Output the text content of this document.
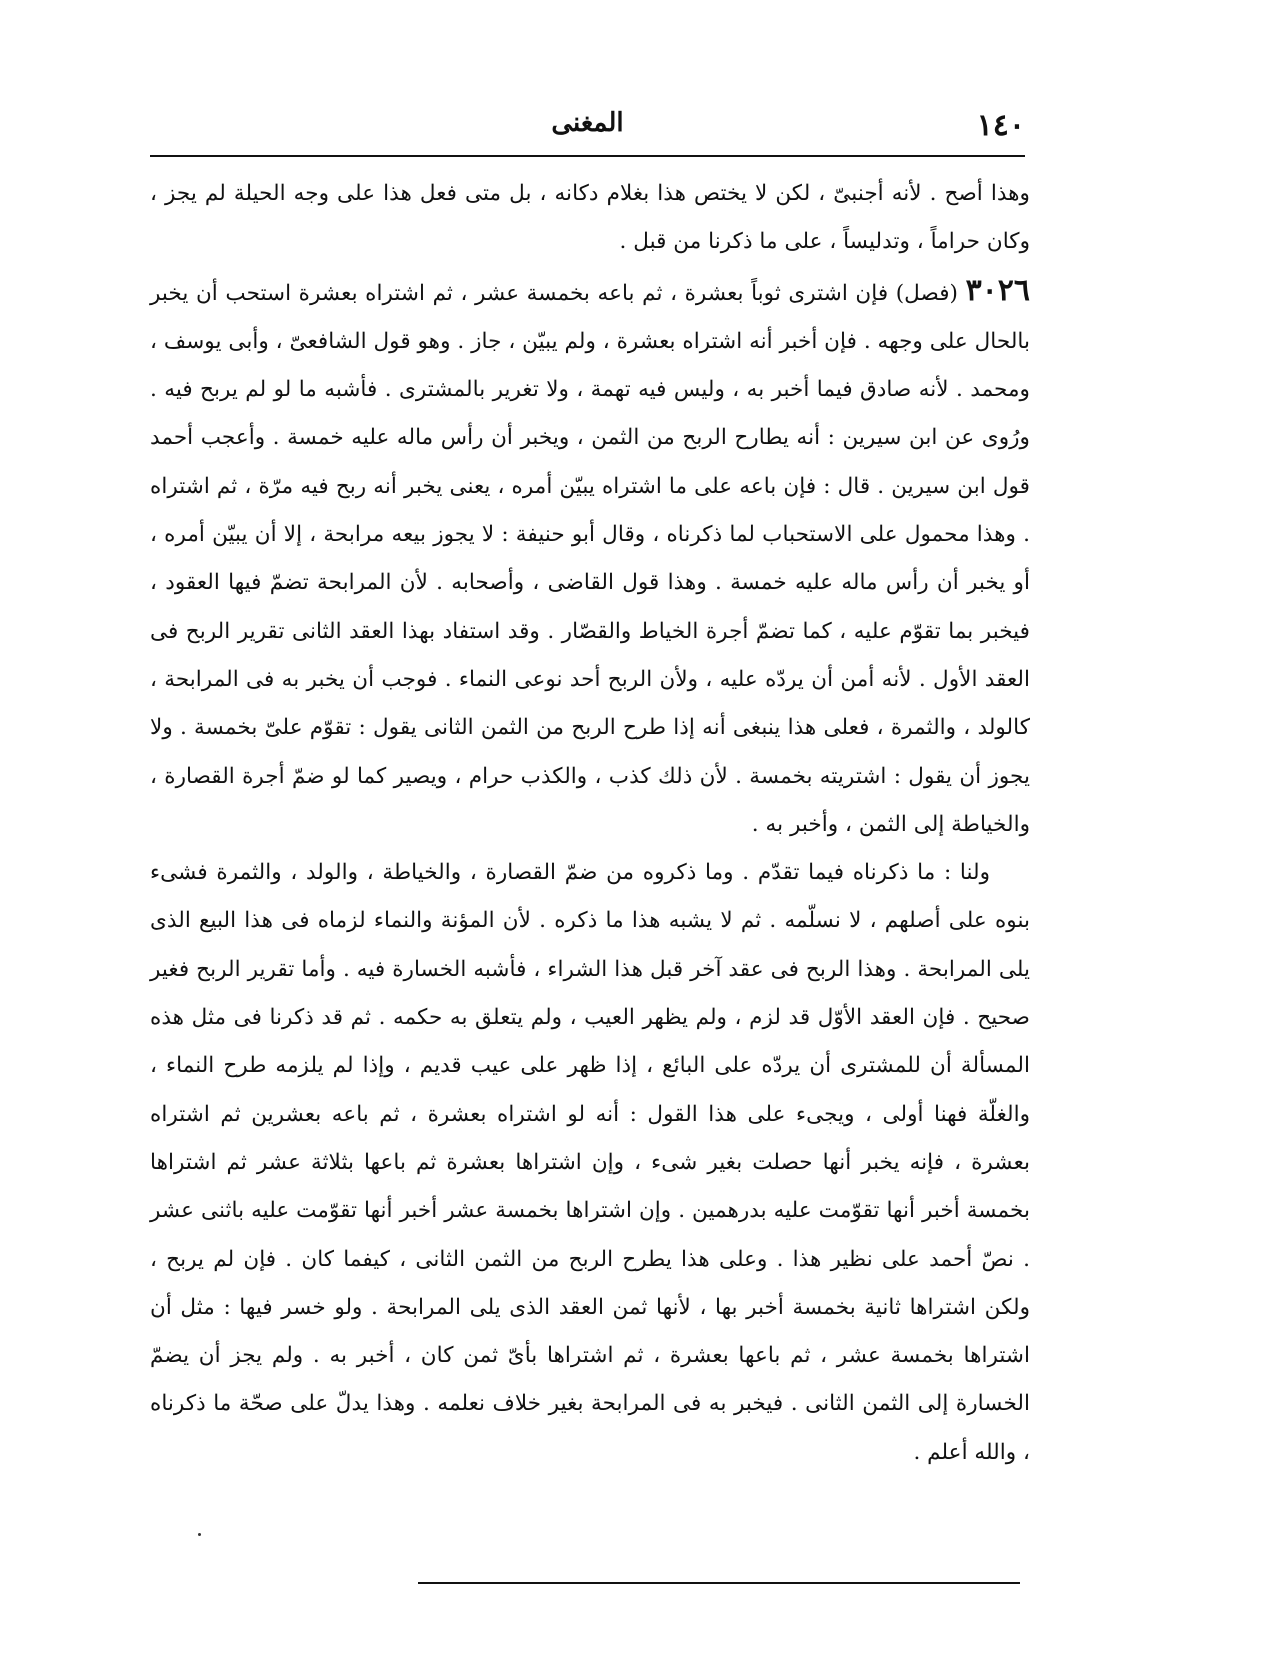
١٤٠
المغنى

وهذا أصح . لأنه أجنبىّ ، لكن لا يختص هذا بغلام دكانه ، بل متى فعل هذا على وجه الحيلة لم يجز ، وكان حراماً ، وتدليساً ، على ما ذكرنا من قبل .

٣٠٢٦ (فصل) فإن اشترى ثوباً بعشرة ، ثم باعه بخمسة عشر ، ثم اشتراه بعشرة استحب أن يخبر بالحال على وجهه . فإن أخبر أنه اشتراه بعشرة ، ولم يبيّن ، جاز . وهو قول الشافعىّ ، وأبى يوسف ، ومحمد . لأنه صادق فيما أخبر به ، وليس فيه تهمة ، ولا تغرير بالمشترى . فأشبه ما لو لم يربح فيه . ورُوى عن ابن سيرين : أنه يطارح الربح من الثمن ، ويخبر أن رأس ماله عليه خمسة . وأعجب أحمد قول ابن سيرين . قال : فإن باعه على ما اشتراه يبيّن أمره ، يعنى يخبر أنه ربح فيه مرّة ، ثم اشتراه . وهذا محمول على الاستحباب لما ذكرناه ، وقال أبو حنيفة : لا يجوز بيعه مرابحة ، إلا أن يبيّن أمره ، أو يخبر أن رأس ماله عليه خمسة . وهذا قول القاضى ، وأصحابه . لأن المرابحة تضمّ فيها العقود ، فيخبر بما تقوّم عليه ، كما تضمّ أجرة الخياط والقصّار . وقد استفاد بهذا العقد الثانى تقرير الربح فى العقد الأول . لأنه أمن أن يردّه عليه ، ولأن الربح أحد نوعى النماء . فوجب أن يخبر به فى المرابحة ، كالولد ، والثمرة ، فعلى هذا ينبغى أنه إذا طرح الربح من الثمن الثانى يقول : تقوّم علىّ بخمسة . ولا يجوز أن يقول : اشتريته بخمسة . لأن ذلك كذب ، والكذب حرام ، ويصير كما لو ضمّ أجرة القصارة ، والخياطة إلى الثمن ، وأخبر به .

ولنا : ما ذكرناه فيما تقدّم . وما ذكروه من ضمّ القصارة ، والخياطة ، والولد ، والثمرة فشىء بنوه على أصلهم ، لا نسلّمه . ثم لا يشبه هذا ما ذكره . لأن المؤنة والنماء لزماه فى هذا البيع الذى يلى المرابحة . وهذا الربح فى عقد آخر قبل هذا الشراء ، فأشبه الخسارة فيه . وأما تقرير الربح فغير صحيح . فإن العقد الأوّل قد لزم ، ولم يظهر العيب ، ولم يتعلق به حكمه . ثم قد ذكرنا فى مثل هذه المسألة أن للمشترى أن يردّه على البائع ، إذا ظهر على عيب قديم ، وإذا لم يلزمه طرح النماء ، والغلّة فهنا أولى ، ويجىء على هذا القول : أنه لو اشتراه بعشرة ، ثم باعه بعشرين ثم اشتراه بعشرة ، فإنه يخبر أنها حصلت بغير شىء ، وإن اشتراها بعشرة ثم باعها بثلاثة عشر ثم اشتراها بخمسة أخبر أنها تقوّمت عليه بدرهمين . وإن اشتراها بخمسة عشر أخبر أنها تقوّمت عليه باثنى عشر . نصّ أحمد على نظير هذا . وعلى هذا يطرح الربح من الثمن الثانى ، كيفما كان . فإن لم يربح ، ولكن اشتراها ثانية بخمسة أخبر بها ، لأنها ثمن العقد الذى يلى المرابحة . ولو خسر فيها : مثل أن اشتراها بخمسة عشر ، ثم باعها بعشرة ، ثم اشتراها بأىّ ثمن كان ، أخبر به . ولم يجز أن يضمّ الخسارة إلى الثمن الثانى . فيخبر به فى المرابحة بغير خلاف نعلمه . وهذا يدلّ على صحّة ما ذكرناه ، والله أعلم .
